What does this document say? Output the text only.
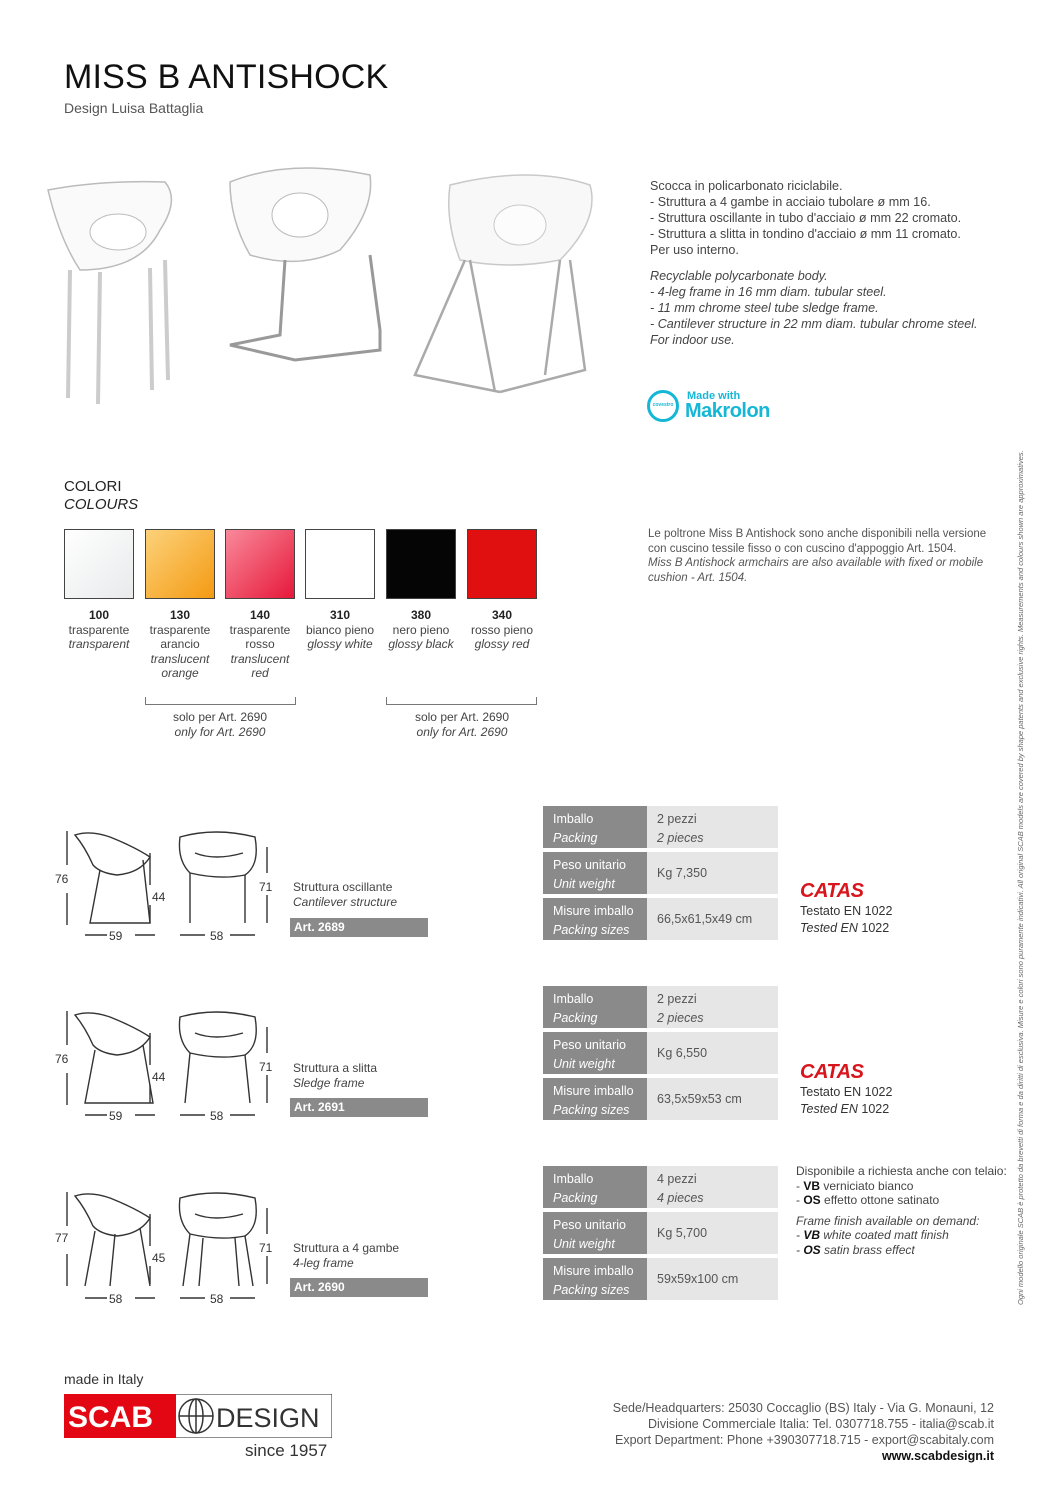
MISS B ANTISHOCK
Design Luisa Battaglia
Scocca in policarbonato riciclabile.
- Struttura a 4 gambe in acciaio tubolare ø mm 16.
- Struttura oscillante in tubo d'acciaio ø mm 22 cromato.
- Struttura a slitta in tondino d'acciaio ø mm 11 cromato.
Per uso interno.
Recyclable polycarbonate body.
- 4-leg frame in 16 mm diam. tubular steel.
- 11 mm chrome steel tube sledge frame.
- Cantilever structure in 22 mm diam. tubular chrome steel.
For indoor use.
covestro
Made with
Makrolon
COLORI
COLOURS
100
trasparente
transparent
130
trasparente
arancio
translucent
orange
140
trasparente
rosso
translucent
red
310
bianco pieno
glossy white
380
nero pieno
glossy black
340
rosso pieno
glossy red
solo per Art. 2690
only for Art. 2690
solo per Art. 2690
only for Art. 2690
Le poltrone Miss B Antishock sono anche disponibili nella versione con cuscino tessile fisso o con cuscino d'appoggio Art. 1504.
Miss B Antishock armchairs are also available with fixed or mobile cushion - Art. 1504.
76
44
71
59	58
Struttura oscillante
Cantilever structure
Art. 2689
Imballo
Packing
2 pezzi
2 pieces
Peso unitario
Unit weight
Kg 7,350
Misure imballo
Packing sizes
66,5x61,5x49 cm
CATAS
Testato EN 1022
Tested EN 1022
76
44
71
59	58
Struttura a slitta
Sledge frame
Art. 2691
Imballo
Packing
2 pezzi
2 pieces
Peso unitario
Unit weight
Kg 6,550
Misure imballo
Packing sizes
63,5x59x53 cm
CATAS
Testato EN 1022
Tested EN 1022
77
45
71
58	58
Struttura a 4 gambe
4-leg frame
Art. 2690
Imballo
Packing
4 pezzi
4 pieces
Peso unitario
Unit weight
Kg 5,700
Misure imballo
Packing sizes
59x59x100 cm
Disponibile a richiesta anche con telaio:
- VB verniciato bianco
- OS effetto ottone satinato
Frame finish available on demand:
- VB white coated matt finish
- OS satin brass effect
made in Italy
SCAB DESIGN
since 1957
Sede/Headquarters: 25030 Coccaglio (BS) Italy - Via G. Monauni, 12
Divisione Commerciale Italia: Tel. 0307718.755 - italia@scab.it
Export Department: Phone +390307718.715 - export@scabitaly.com
www.scabdesign.it
Ogni modello originale SCAB è protetto da brevetti di forma e da diritti di esclusiva. Misure e colori sono puramente indicativi. All original SCAB models are covered by shape patents and exclusive rights. Measurements and colours shown are approximatives.
